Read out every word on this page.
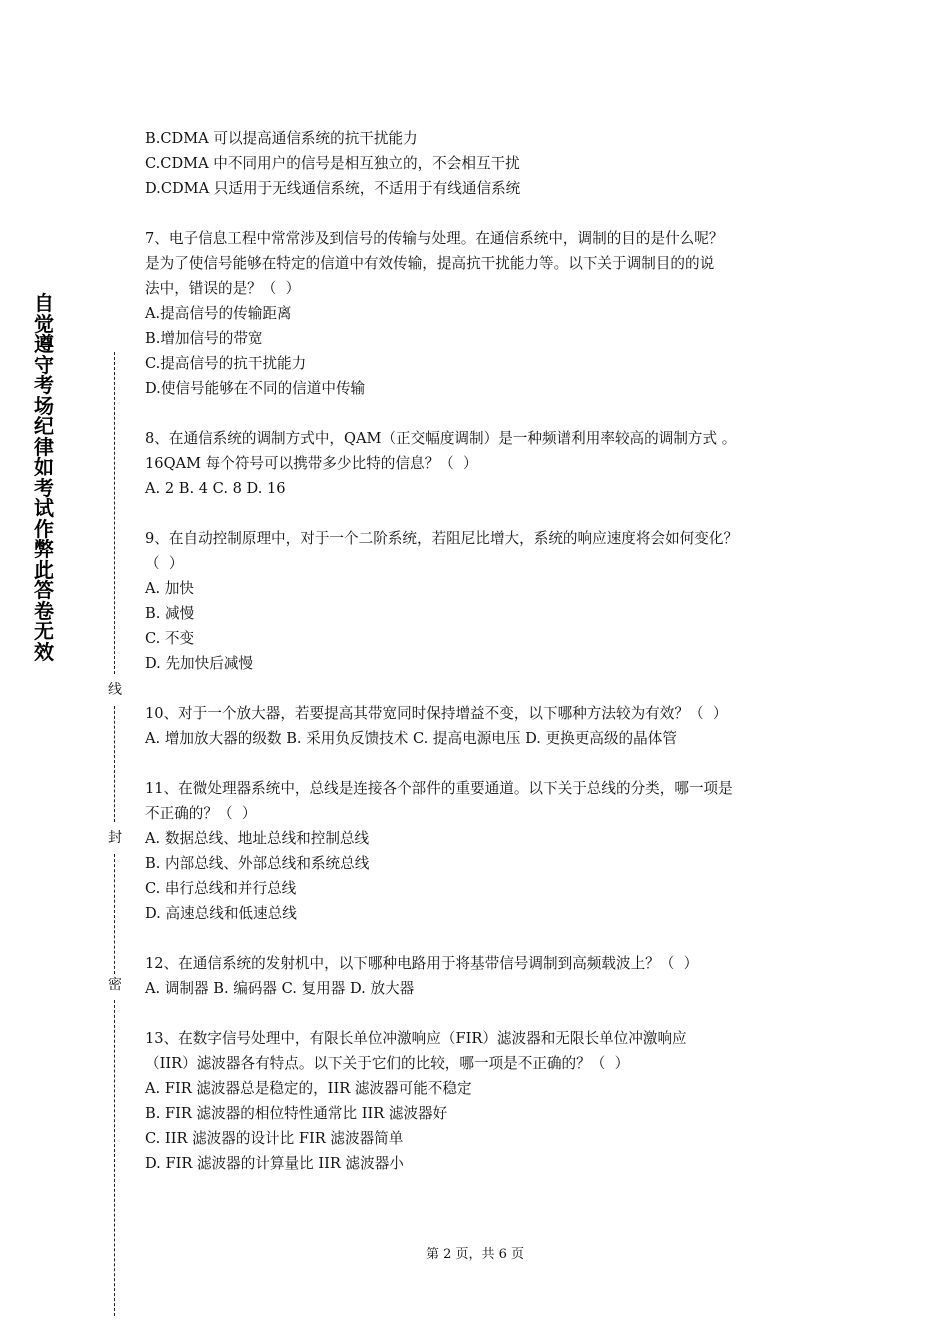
自
觉
遵
守
考
场
纪
律
如
考
试
作
弊
此
答
卷
无
效
线
封
密
B.CDMA 可以提高通信系统的抗干扰能力
C.CDMA 中不同用户的信号是相互独立的，不会相互干扰
D.CDMA 只适用于无线通信系统，不适用于有线通信系统
7、电子信息工程中常常涉及到信号的传输与处理。在通信系统中，调制的目的是什么呢？
是为了使信号能够在特定的信道中有效传输，提高抗干扰能力等。以下关于调制目的的说
法中，错误的是？（  ）
A.提高信号的传输距离
B.增加信号的带宽
C.提高信号的抗干扰能力
D.使信号能够在不同的信道中传输
8、在通信系统的调制方式中，QAM（正交幅度调制）是一种频谱利用率较高的调制方式 。
16QAM 每个符号可以携带多少比特的信息？（  ）
A. 2 B. 4 C. 8 D. 16
9、在自动控制原理中，对于一个二阶系统，若阻尼比增大，系统的响应速度将会如何变化？
（  ）
A. 加快
B. 减慢
C. 不变
D. 先加快后减慢
10、对于一个放大器，若要提高其带宽同时保持增益不变，以下哪种方法较为有效？（  ）
A. 增加放大器的级数 B. 采用负反馈技术 C. 提高电源电压 D. 更换更高级的晶体管
11、在微处理器系统中，总线是连接各个部件的重要通道。以下关于总线的分类，哪一项是
不正确的？（  ）
A. 数据总线、地址总线和控制总线
B. 内部总线、外部总线和系统总线
C. 串行总线和并行总线
D. 高速总线和低速总线
12、在通信系统的发射机中，以下哪种电路用于将基带信号调制到高频载波上？（  ）
A. 调制器 B. 编码器 C. 复用器 D. 放大器
13、在数字信号处理中，有限长单位冲激响应（FIR）滤波器和无限长单位冲激响应
（IIR）滤波器各有特点。以下关于它们的比较，哪一项是不正确的？（  ）
A. FIR 滤波器总是稳定的，IIR 滤波器可能不稳定
B. FIR 滤波器的相位特性通常比 IIR 滤波器好
C. IIR 滤波器的设计比 FIR 滤波器简单
D. FIR 滤波器的计算量比 IIR 滤波器小
第 2 页，共 6 页
